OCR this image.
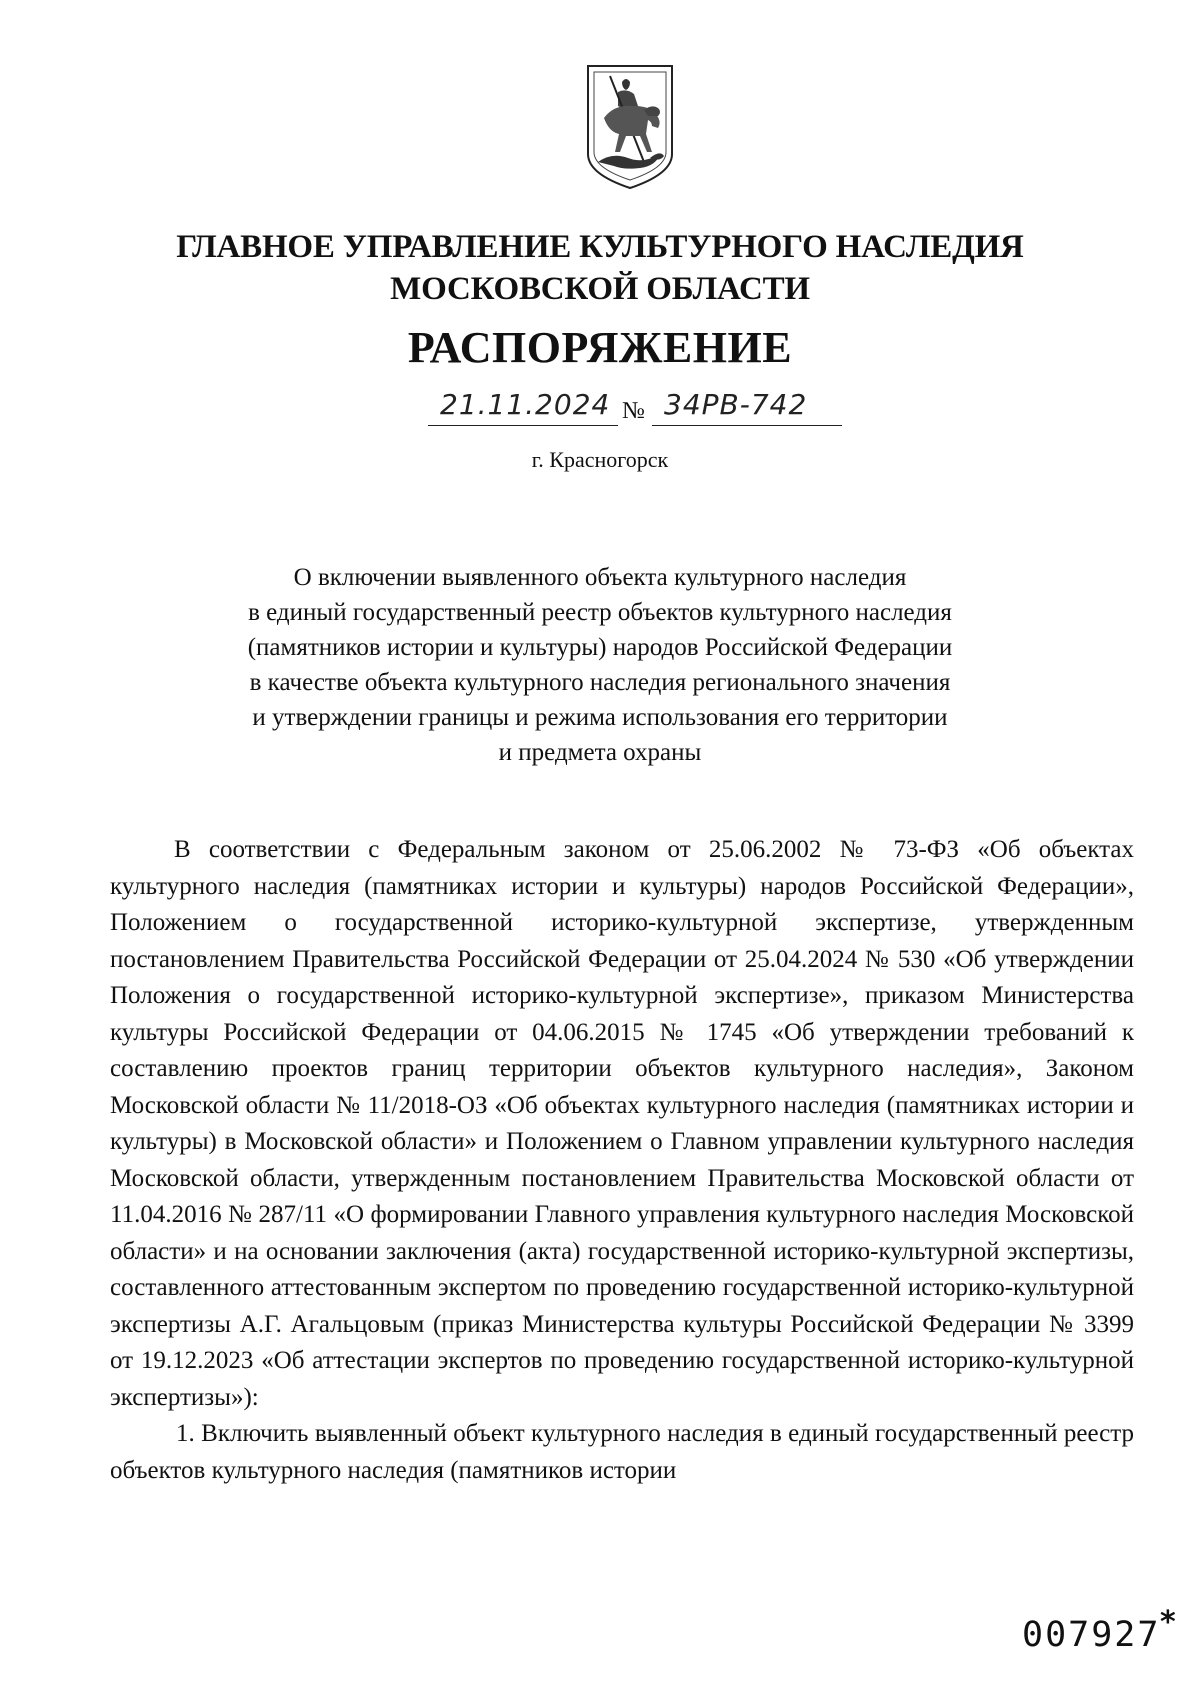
ГЛАВНОЕ УПРАВЛЕНИЕ КУЛЬТУРНОГО НАСЛЕДИЯ
МОСКОВСКОЙ ОБЛАСТИ
РАСПОРЯЖЕНИЕ
21.11.2024 № 34РВ-742
г. Красногорск
О включении выявленного объекта культурного наследия
в единый государственный реестр объектов культурного наследия
(памятников истории и культуры) народов Российской Федерации
в качестве объекта культурного наследия регионального значения
и утверждении границы и режима использования его территории
и предмета охраны

В соответствии с Федеральным законом от 25.06.2002 № 73-ФЗ «Об объектах культурного наследия (памятниках истории и культуры) народов Российской Федерации», Положением о государственной историко-культурной экспертизе, утвержденным постановлением Правительства Российской Федерации от 25.04.2024 № 530 «Об утверждении Положения о государственной историко-культурной экспертизе», приказом Министерства культуры Российской Федерации от 04.06.2015 № 1745 «Об утверждении требований к составлению проектов границ территории объектов культурного наследия», Законом Московской области № 11/2018-ОЗ «Об объектах культурного наследия (памятниках истории и культуры) в Московской области» и Положением о Главном управлении культурного наследия Московской области, утвержденным постановлением Правительства Московской области от 11.04.2016 № 287/11 «О формировании Главного управления культурного наследия Московской области» и на основании заключения (акта) государственной историко-культурной экспертизы, составленного аттестованным экспертом по проведению государственной историко-культурной экспертизы А.Г. Агальцовым (приказ Министерства культуры Российской Федерации № 3399 от 19.12.2023 «Об аттестации экспертов по проведению государственной историко-культурной экспертизы»):

1. Включить выявленный объект культурного наследия в единый государственный реестр объектов культурного наследия (памятников истории

007927 *
